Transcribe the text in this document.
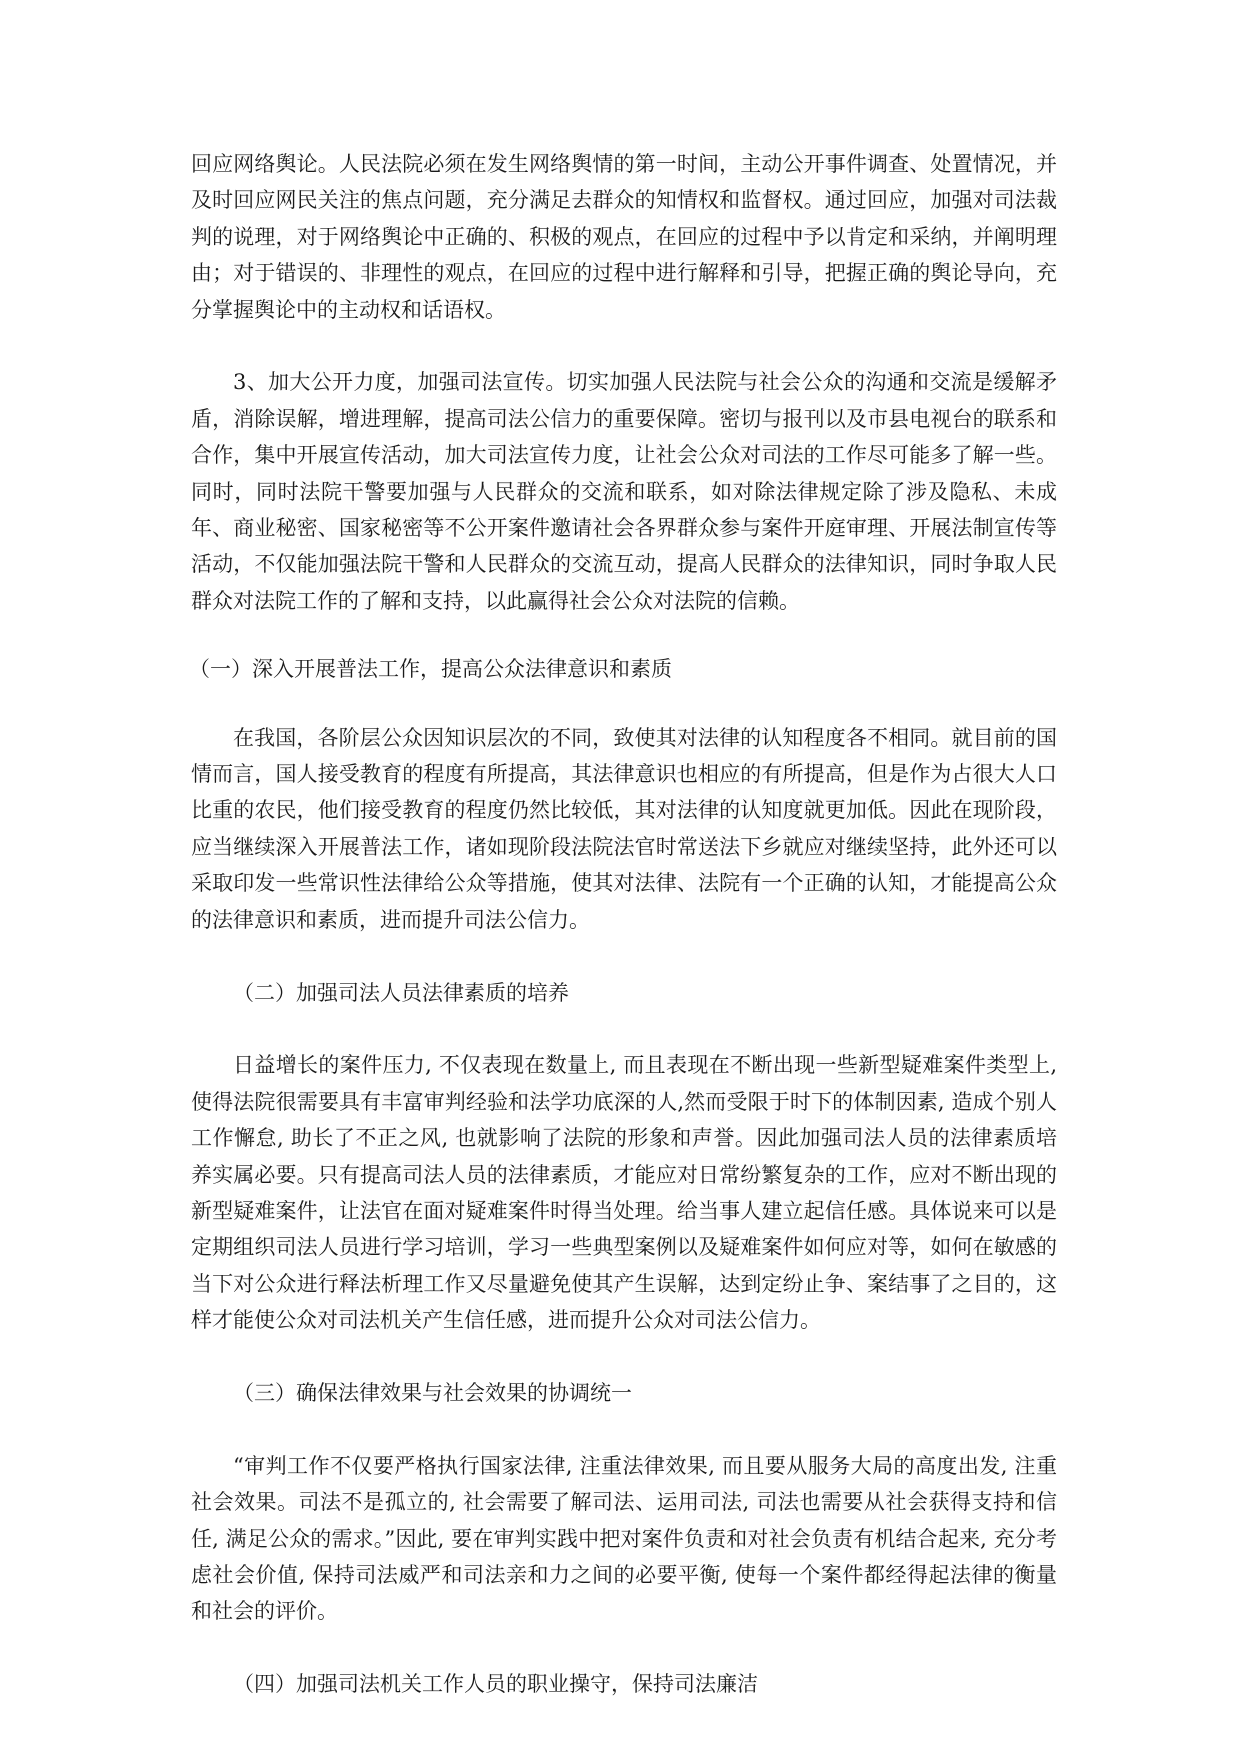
回应网络舆论。人民法院必须在发生网络舆情的第一时间，主动公开事件调查、处置情况，并及时回应网民关注的焦点问题，充分满足去群众的知情权和监督权。通过回应，加强对司法裁判的说理，对于网络舆论中正确的、积极的观点，在回应的过程中予以肯定和采纳，并阐明理由；对于错误的、非理性的观点，在回应的过程中进行解释和引导，把握正确的舆论导向，充分掌握舆论中的主动权和话语权。

3、加大公开力度，加强司法宣传。切实加强人民法院与社会公众的沟通和交流是缓解矛盾，消除误解，增进理解，提高司法公信力的重要保障。密切与报刊以及市县电视台的联系和合作，集中开展宣传活动，加大司法宣传力度，让社会公众对司法的工作尽可能多了解一些。同时，同时法院干警要加强与人民群众的交流和联系，如对除法律规定除了涉及隐私、未成年、商业秘密、国家秘密等不公开案件邀请社会各界群众参与案件开庭审理、开展法制宣传等活动，不仅能加强法院干警和人民群众的交流互动，提高人民群众的法律知识，同时争取人民群众对法院工作的了解和支持，以此赢得社会公众对法院的信赖。

（一）深入开展普法工作，提高公众法律意识和素质

在我国，各阶层公众因知识层次的不同，致使其对法律的认知程度各不相同。就目前的国情而言，国人接受教育的程度有所提高，其法律意识也相应的有所提高，但是作为占很大人口比重的农民，他们接受教育的程度仍然比较低，其对法律的认知度就更加低。因此在现阶段，应当继续深入开展普法工作，诸如现阶段法院法官时常送法下乡就应对继续坚持，此外还可以采取印发一些常识性法律给公众等措施，使其对法律、法院有一个正确的认知，才能提高公众的法律意识和素质，进而提升司法公信力。

（二）加强司法人员法律素质的培养

日益增长的案件压力, 不仅表现在数量上, 而且表现在不断出现一些新型疑难案件类型上, 使得法院很需要具有丰富审判经验和法学功底深的人,然而受限于时下的体制因素, 造成个别人工作懈怠, 助长了不正之风, 也就影响了法院的形象和声誉。因此加强司法人员的法律素质培养实属必要。只有提高司法人员的法律素质，才能应对日常纷繁复杂的工作，应对不断出现的新型疑难案件，让法官在面对疑难案件时得当处理。给当事人建立起信任感。具体说来可以是定期组织司法人员进行学习培训，学习一些典型案例以及疑难案件如何应对等，如何在敏感的当下对公众进行释法析理工作又尽量避免使其产生误解，达到定纷止争、案结事了之目的，这样才能使公众对司法机关产生信任感，进而提升公众对司法公信力。

（三）确保法律效果与社会效果的协调统一

“审判工作不仅要严格执行国家法律, 注重法律效果, 而且要从服务大局的高度出发, 注重社会效果。司法不是孤立的, 社会需要了解司法、运用司法, 司法也需要从社会获得支持和信任, 满足公众的需求。”因此, 要在审判实践中把对案件负责和对社会负责有机结合起来, 充分考虑社会价值, 保持司法威严和司法亲和力之间的必要平衡, 使每一个案件都经得起法律的衡量和社会的评价。

（四）加强司法机关工作人员的职业操守，保持司法廉洁
